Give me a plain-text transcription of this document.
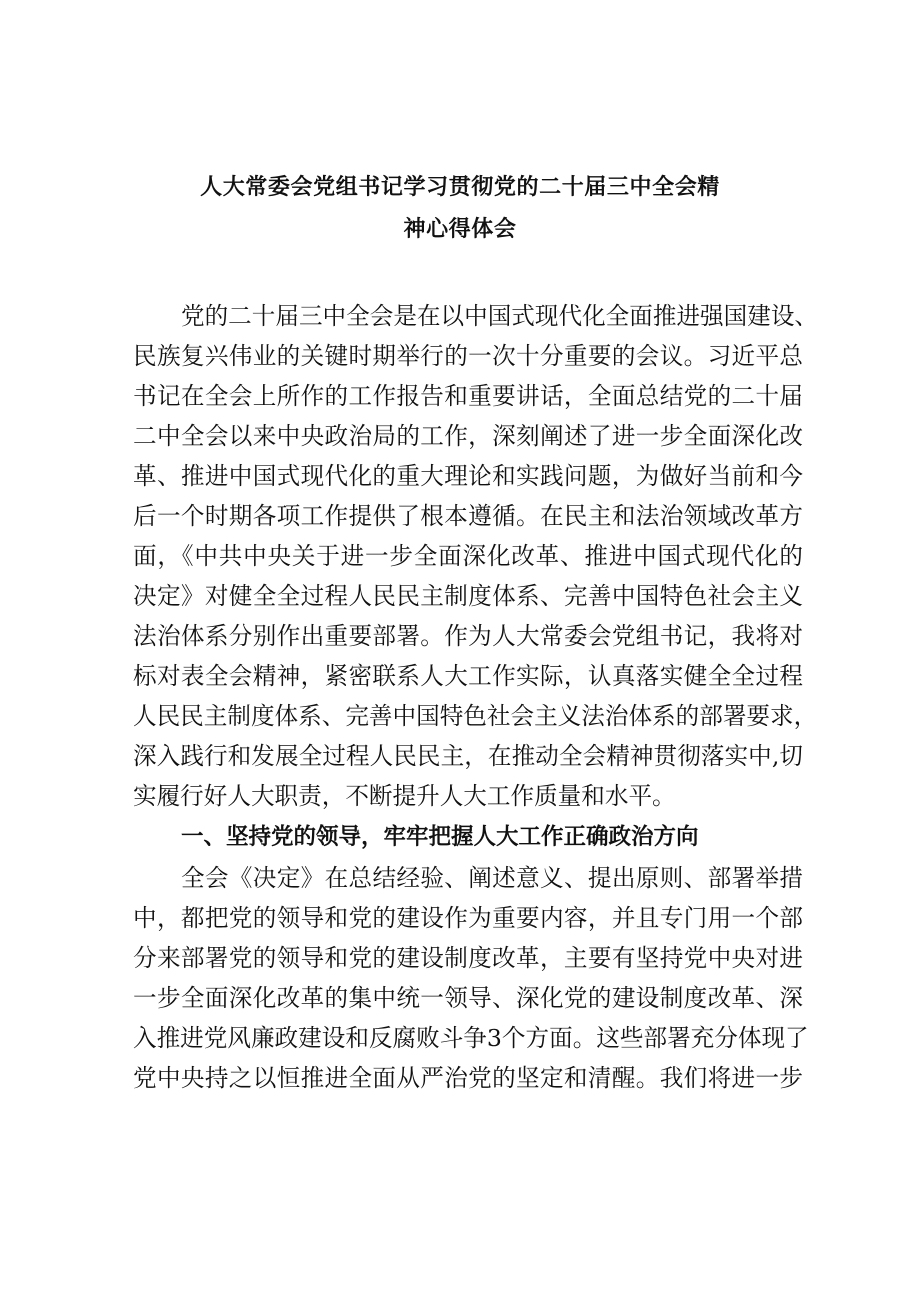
人大常委会党组书记学习贯彻党的二十届三中全会精
神心得体会
党的二十届三中全会是在以中国式现代化全面推进强国建设、
民族复兴伟业的关键时期举行的一次十分重要的会议。习近平总
书记在全会上所作的工作报告和重要讲话，全面总结党的二十届
二中全会以来中央政治局的工作，深刻阐述了进一步全面深化改
革、推进中国式现代化的重大理论和实践问题，为做好当前和今
后一个时期各项工作提供了根本遵循。在民主和法治领域改革方
面，《中共中央关于进一步全面深化改革、推进中国式现代化的
决定》对健全全过程人民民主制度体系、完善中国特色社会主义
法治体系分别作出重要部署。作为人大常委会党组书记，我将对
标对表全会精神，紧密联系人大工作实际，认真落实健全全过程
人民民主制度体系、完善中国特色社会主义法治体系的部署要求，
深入践行和发展全过程人民民主，在推动全会精神贯彻落实中,切
实履行好人大职责，不断提升人大工作质量和水平。
一、坚持党的领导，牢牢把握人大工作正确政治方向
全会《决定》在总结经验、阐述意义、提出原则、部署举措
中，都把党的领导和党的建设作为重要内容，并且专门用一个部
分来部署党的领导和党的建设制度改革，主要有坚持党中央对进
一步全面深化改革的集中统一领导、深化党的建设制度改革、深
入推进党风廉政建设和反腐败斗争3个方面。这些部署充分体现了
党中央持之以恒推进全面从严治党的坚定和清醒。我们将进一步
